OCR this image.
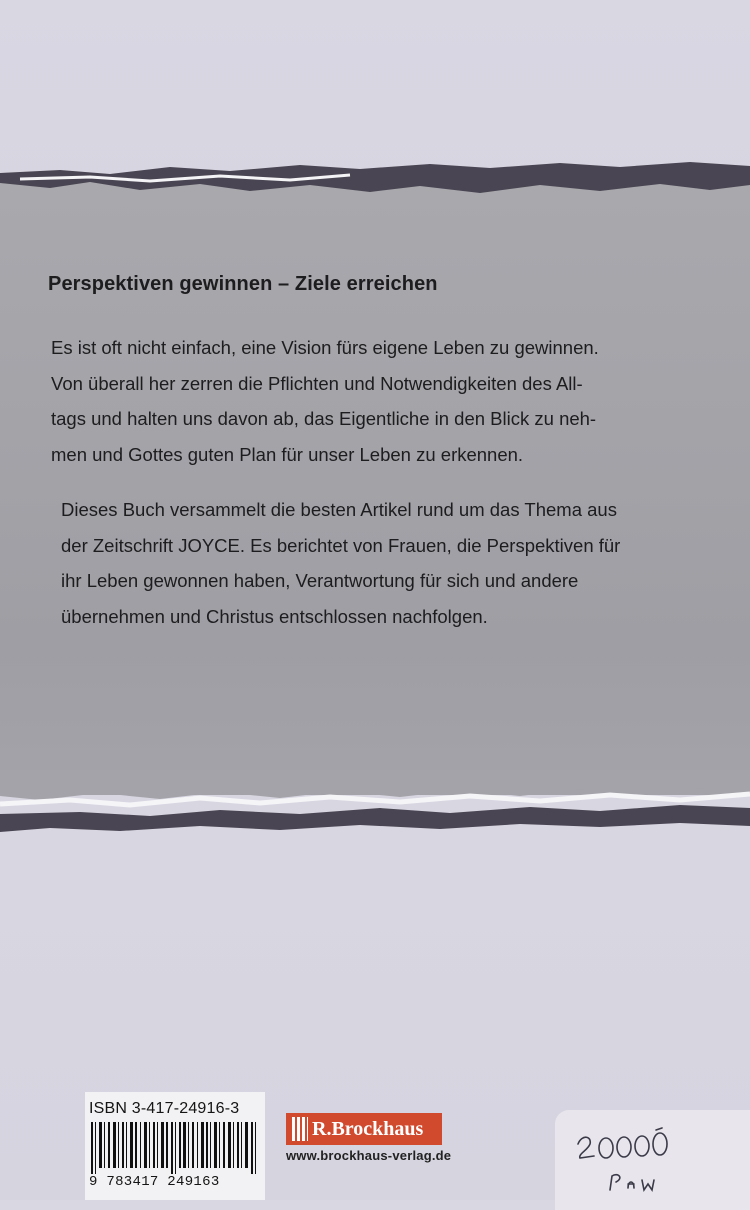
Perspektiven gewinnen – Ziele erreichen

Es ist oft nicht einfach, eine Vision fürs eigene Leben zu gewinnen.
Von überall her zerren die Pflichten und Notwendigkeiten des All-
tags und halten uns davon ab, das Eigentliche in den Blick zu neh-
men und Gottes guten Plan für unser Leben zu erkennen.

Dieses Buch versammelt die besten Artikel rund um das Thema aus
der Zeitschrift JOYCE. Es berichtet von Frauen, die Perspektiven für
ihr Leben gewonnen haben, Verantwortung für sich und andere
übernehmen und Christus entschlossen nachfolgen.

ISBN 3-417-24916-3
9 783417 249163
R.Brockhaus
www.brockhaus-verlag.de
